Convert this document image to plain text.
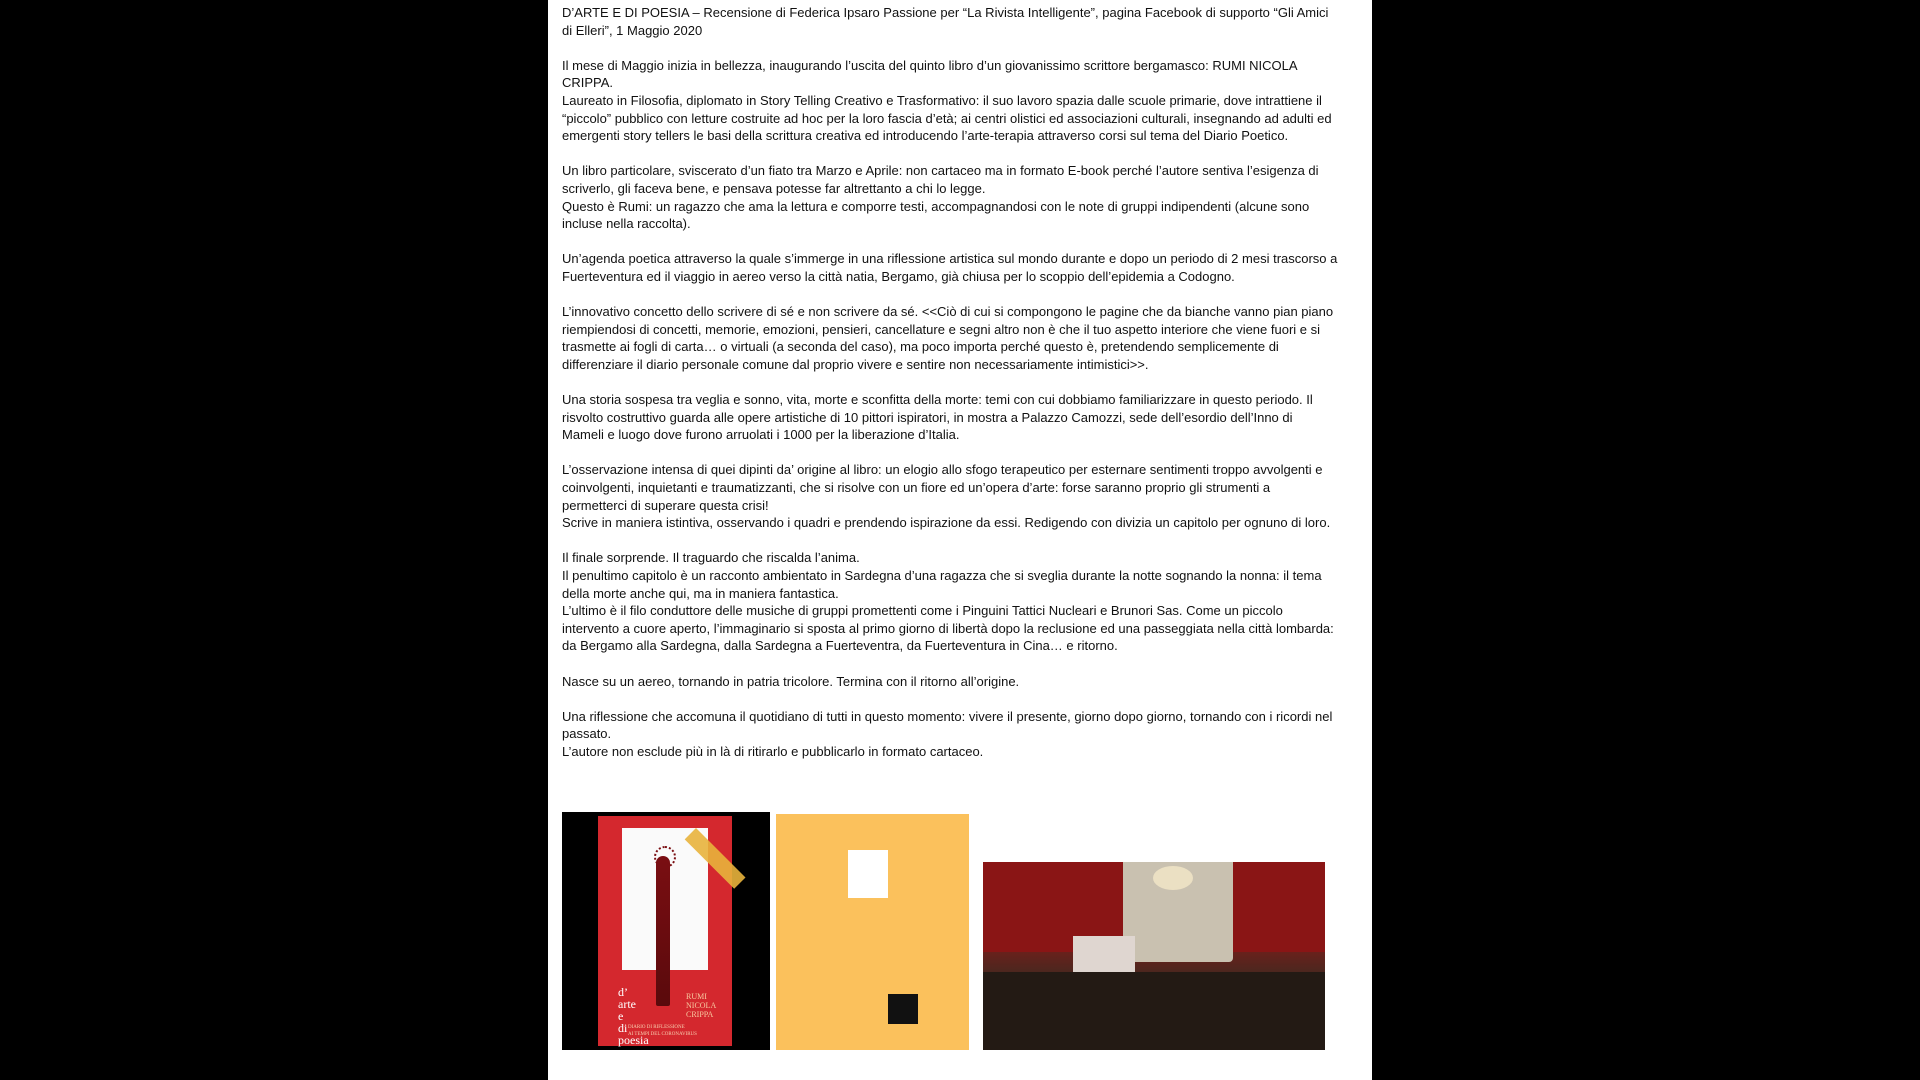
D’ARTE E DI POESIA – Recensione di Federica Ipsaro Passione per “La Rivista Intelligente”, pagina Facebook di supporto “Gli Amici di Elleri”, 1 Maggio 2020

Il mese di Maggio inizia in bellezza, inaugurando l’uscita del quinto libro d’un giovanissimo scrittore bergamasco: RUMI NICOLA CRIPPA.

Laureato in Filosofia, diplomato in Story Telling Creativo e Trasformativo: il suo lavoro spazia dalle scuole primarie, dove intrattiene il “piccolo” pubblico con letture costruite ad hoc per la loro fascia d’età; ai centri olistici ed associazioni culturali, insegnando ad adulti ed emergenti story tellers le basi della scrittura creativa ed introducendo l’arte-terapia attraverso corsi sul tema del Diario Poetico.

Un libro particolare, sviscerato d’un fiato tra Marzo e Aprile: non cartaceo ma in formato E-book perché l’autore sentiva l’esigenza di scriverlo, gli faceva bene, e pensava potesse far altrettanto a chi lo legge.

Questo è Rumi: un ragazzo che ama la lettura e comporre testi, accompagnandosi con le note di gruppi indipendenti (alcune sono incluse nella raccolta).

Un’agenda poetica attraverso la quale s’immerge in una riflessione artistica sul mondo durante e dopo un periodo di 2 mesi trascorso a Fuerteventura ed il viaggio in aereo verso la città natia, Bergamo, già chiusa per lo scoppio dell’epidemia a Codogno.

L’innovativo concetto dello scrivere di sé e non scrivere da sé. <<Ciò di cui si compongono le pagine che da bianche vanno pian piano riempiendosi di concetti, memorie, emozioni, pensieri, cancellature e segni altro non è che il tuo aspetto interiore che viene fuori e si trasmette ai fogli di carta… o virtuali (a seconda del caso), ma poco importa perché questo è, pretendendo semplicemente di differenziare il diario personale comune dal proprio vivere e sentire non necessariamente intimistici>>.

Una storia sospesa tra veglia e sonno, vita, morte e sconfitta della morte: temi con cui dobbiamo familiarizzare in questo periodo. Il risvolto costruttivo guarda alle opere artistiche di 10 pittori ispiratori, in mostra a Palazzo Camozzi, sede dell’esordio dell’Inno di Mameli e luogo dove furono arruolati i 1000 per la liberazione d’Italia.

L’osservazione intensa di quei dipinti da’ origine al libro: un elogio allo sfogo terapeutico per esternare sentimenti troppo avvolgenti e coinvolgenti, inquietanti e traumatizzanti, che si risolve con un fiore ed un’opera d’arte: forse saranno proprio gli strumenti a permetterci di superare questa crisi!

Scrive in maniera istintiva, osservando i quadri e prendendo ispirazione da essi. Redigendo con divizia un capitolo per ognuno di loro.

Il finale sorprende. Il traguardo che riscalda l’anima.

Il penultimo capitolo è un racconto ambientato in Sardegna d’una ragazza che si sveglia durante la notte sognando la nonna: il tema della morte anche qui, ma in maniera fantastica.

L’ultimo è il filo conduttore delle musiche di gruppi promettenti come i Pinguini Tattici Nucleari e Brunori Sas. Come un piccolo intervento a cuore aperto, l’immaginario si sposta al primo giorno di libertà dopo la reclusione ed una passeggiata nella città lombarda: da Bergamo alla Sardegna, dalla Sardegna a Fuerteventra, da Fuerteventura in Cina… e ritorno.

Nasce su un aereo, tornando in patria tricolore. Termina con il ritorno all’origine.

Una riflessione che accomuna il quotidiano di tutti in questo momento: vivere il presente, giorno dopo giorno, tornando con i ricordi nel passato.

L’autore non esclude più in là di ritirarlo e pubblicarlo in formato cartaceo.

d’
arte
e
di
poesia
RUMI
NICOLA
CRIPPA
DIARIO DI RIFLESSIONE
AI TEMPI DEL CORONAVIRUS
